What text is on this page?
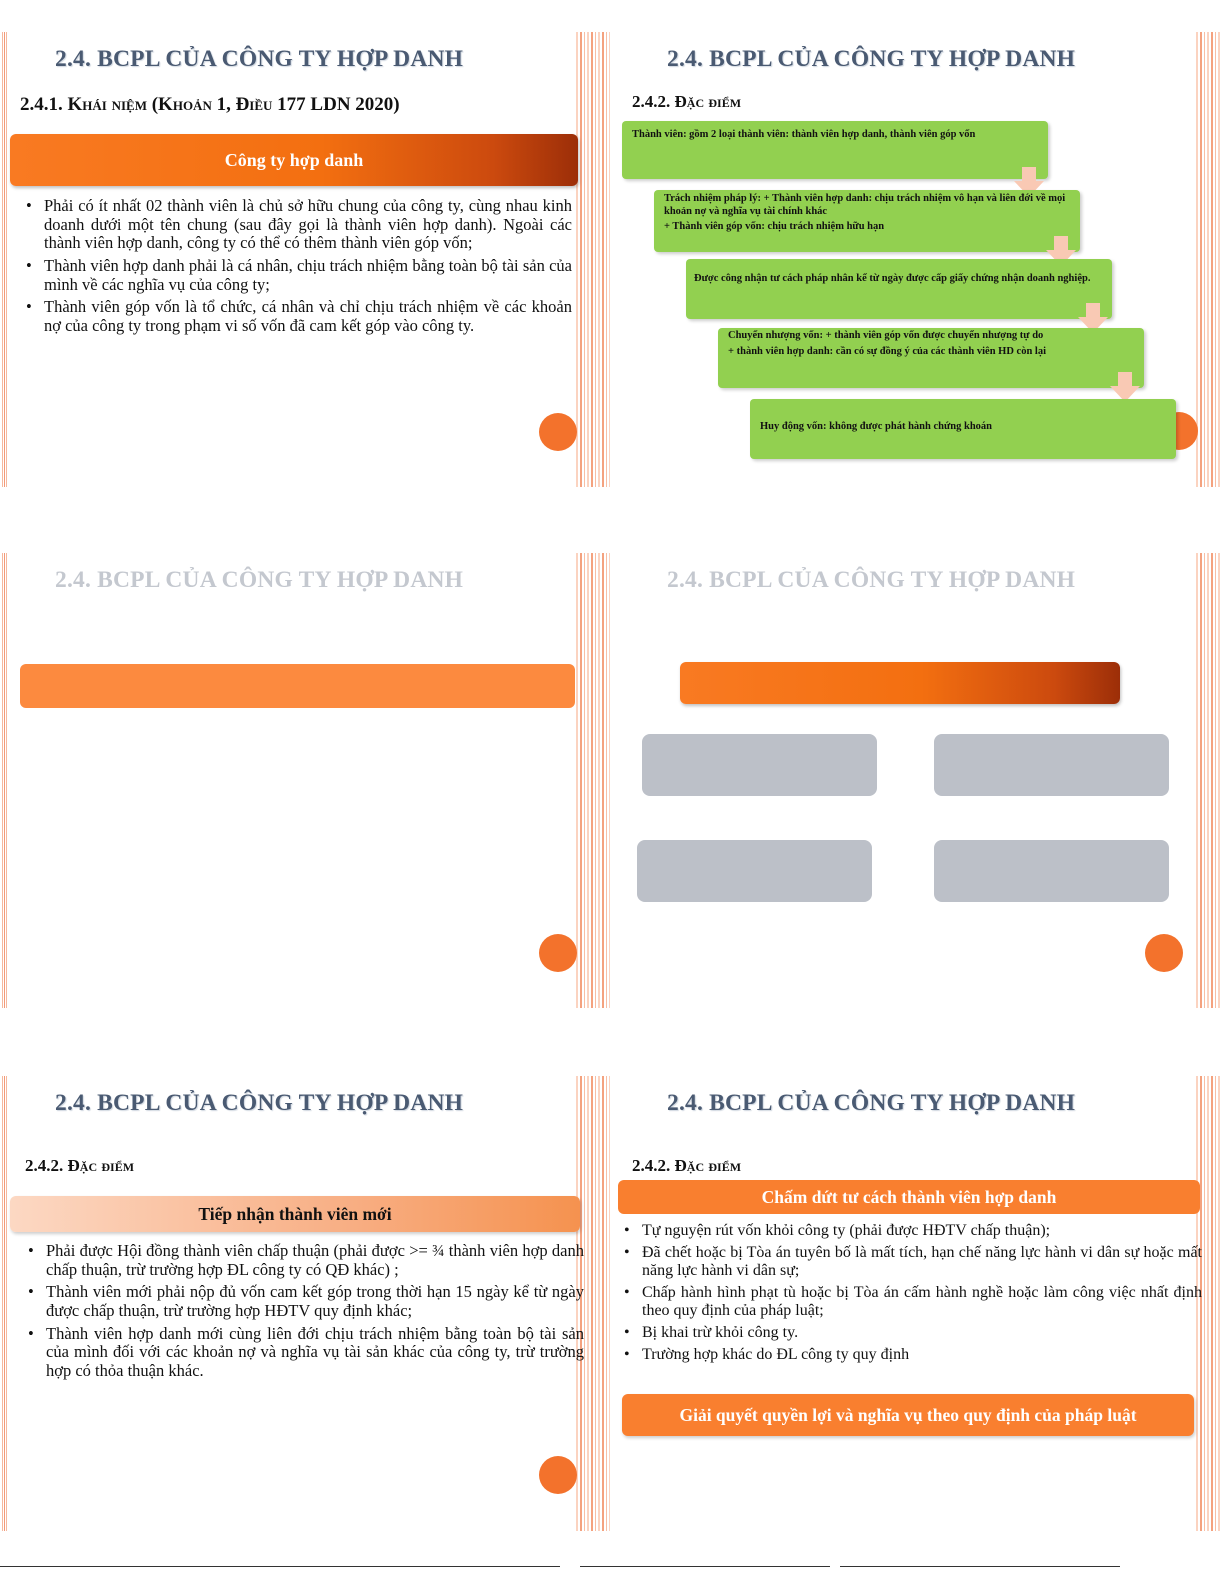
2.4. BCPL CỦA CÔNG TY HỢP DANH
2.4.1. Khái niệm (Khoản 1, Điều 177 LDN 2020)
Công ty hợp danh
• Phải có ít nhất 02 thành viên là chủ sở hữu chung của công ty, cùng nhau kinh doanh dưới một tên chung (sau đây gọi là thành viên hợp danh). Ngoài các thành viên hợp danh, công ty có thể có thêm thành viên góp vốn;
• Thành viên hợp danh phải là cá nhân, chịu trách nhiệm bằng toàn bộ tài sản của mình về các nghĩa vụ của công ty;
• Thành viên góp vốn là tổ chức, cá nhân và chỉ chịu trách nhiệm về các khoản nợ của công ty trong phạm vi số vốn đã cam kết góp vào công ty.
2.4. BCPL CỦA CÔNG TY HỢP DANH
2.4.2. Đặc điểm
Thành viên: gồm 2 loại thành viên: thành viên hợp danh, thành viên góp vốn
Trách nhiệm pháp lý: + Thành viên hợp danh: chịu trách nhiệm vô hạn và liên đới về mọi khoản nợ và nghĩa vụ tài chính khác
+ Thành viên góp vốn: chịu trách nhiệm hữu hạn
Được công nhận tư cách pháp nhân kể từ ngày được cấp giấy chứng nhận doanh nghiệp.
Chuyển nhượng vốn: + thành viên góp vốn được chuyển nhượng tự do
+ thành viên hợp danh: cần có sự đồng ý của các thành viên HD còn lại
Huy động vốn: không được phát hành chứng khoán
2.4. BCPL CỦA CÔNG TY HỢP DANH	2.4. BCPL CỦA CÔNG TY HỢP DANH
2.4. BCPL CỦA CÔNG TY HỢP DANH
2.4.2. Đặc điểm
Tiếp nhận thành viên mới
• Phải được Hội đồng thành viên chấp thuận (phải được >= ¾ thành viên hợp danh chấp thuận, trừ trường hợp ĐL công ty có QĐ khác) ;
• Thành viên mới phải nộp đủ vốn cam kết góp trong thời hạn 15 ngày kể từ ngày được chấp thuận, trừ trường hợp HĐTV quy định khác;
• Thành viên hợp danh mới cùng liên đới chịu trách nhiệm bằng toàn bộ tài sản của mình đối với các khoản nợ và nghĩa vụ tài sản khác của công ty, trừ trường hợp có thỏa thuận khác.
2.4. BCPL CỦA CÔNG TY HỢP DANH
2.4.2. Đặc điểm
Chấm dứt tư cách thành viên hợp danh
• Tự nguyện rút vốn khỏi công ty (phải được HĐTV chấp thuận);
• Đã chết hoặc bị Tòa án tuyên bố là mất tích, hạn chế năng lực hành vi dân sự hoặc mất năng lực hành vi dân sự;
• Chấp hành hình phạt tù hoặc bị Tòa án cấm hành nghề hoặc làm công việc nhất định theo quy định của pháp luật;
• Bị khai trừ khỏi công ty.
• Trường hợp khác do ĐL công ty quy định
Giải quyết quyền lợi và nghĩa vụ theo quy định của pháp luật
